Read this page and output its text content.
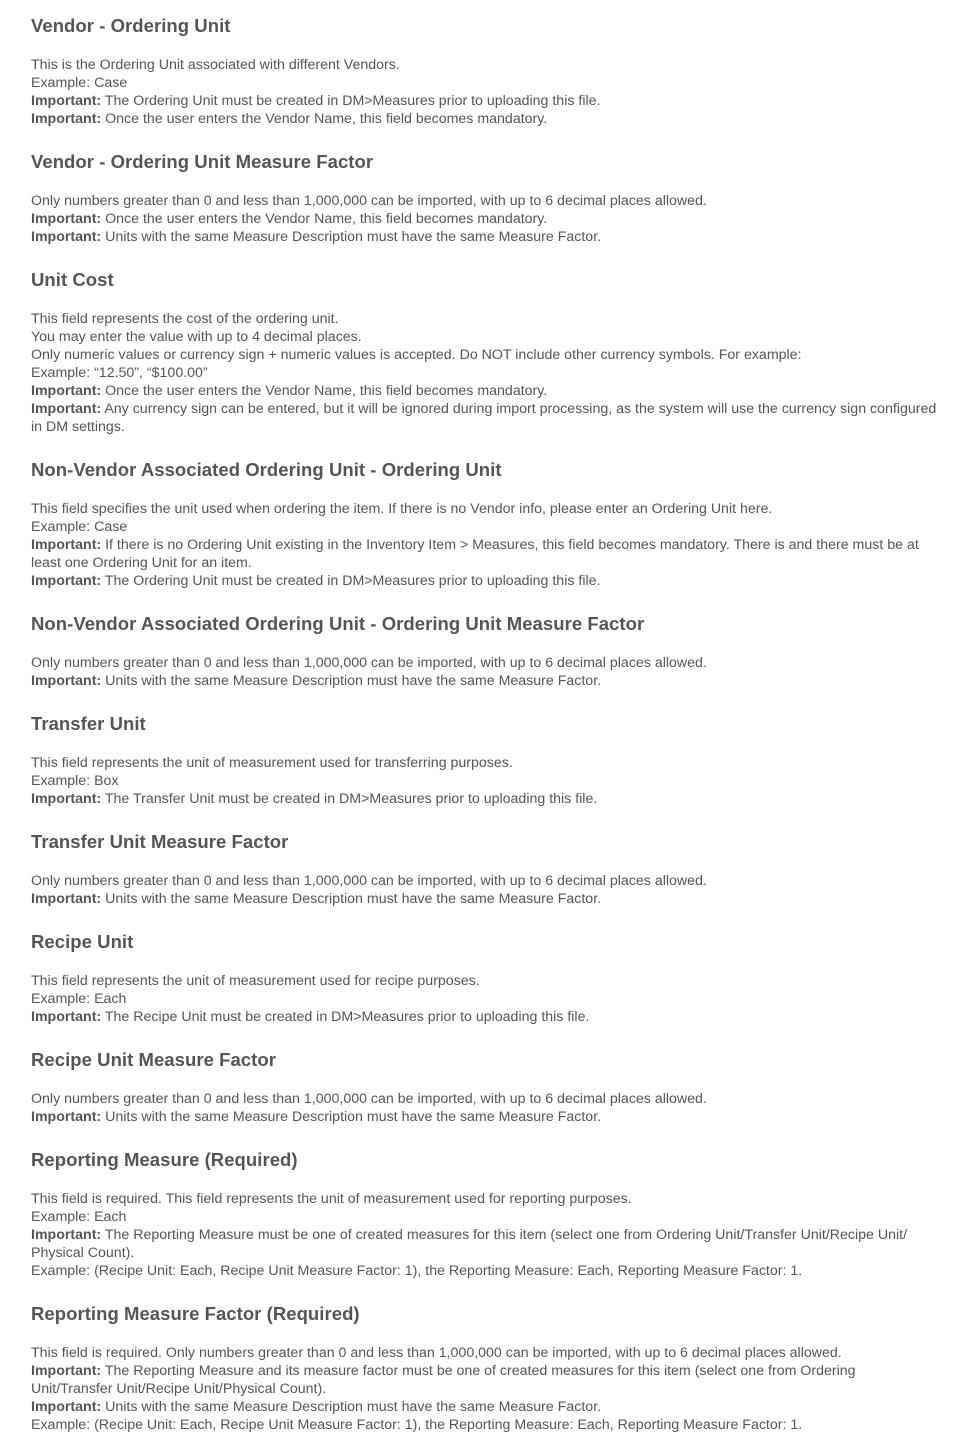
Vendor - Ordering Unit

This is the Ordering Unit associated with different Vendors.

Example: Case

Important: The Ordering Unit must be created in DM>Measures prior to uploading this file.

Important: Once the user enters the Vendor Name, this field becomes mandatory.

Vendor - Ordering Unit Measure Factor

Only numbers greater than 0 and less than 1,000,000 can be imported, with up to 6 decimal places allowed.

Important: Once the user enters the Vendor Name, this field becomes mandatory.

Important: Units with the same Measure Description must have the same Measure Factor.

Unit Cost

This field represents the cost of the ordering unit.

You may enter the value with up to 4 decimal places.

Only numeric values or currency sign + numeric values is accepted. Do NOT include other currency symbols. For example:

Example: “12.50”, “$100.00”

Important: Once the user enters the Vendor Name, this field becomes mandatory.

Important: Any currency sign can be entered, but it will be ignored during import processing, as the system will use the currency sign configured in DM settings.

Non-Vendor Associated Ordering Unit - Ordering Unit

This field specifies the unit used when ordering the item. If there is no Vendor info, please enter an Ordering Unit here.

Example: Case

Important: If there is no Ordering Unit existing in the Inventory Item > Measures, this field becomes mandatory. There is and there must be at least one Ordering Unit for an item.

Important: The Ordering Unit must be created in DM>Measures prior to uploading this file.

Non-Vendor Associated Ordering Unit - Ordering Unit Measure Factor

Only numbers greater than 0 and less than 1,000,000 can be imported, with up to 6 decimal places allowed.

Important: Units with the same Measure Description must have the same Measure Factor.

Transfer Unit

This field represents the unit of measurement used for transferring purposes.

Example: Box

Important: The Transfer Unit must be created in DM>Measures prior to uploading this file.

Transfer Unit Measure Factor

Only numbers greater than 0 and less than 1,000,000 can be imported, with up to 6 decimal places allowed.

Important: Units with the same Measure Description must have the same Measure Factor.

Recipe Unit

This field represents the unit of measurement used for recipe purposes.

Example: Each

Important: The Recipe Unit must be created in DM>Measures prior to uploading this file.

Recipe Unit Measure Factor

Only numbers greater than 0 and less than 1,000,000 can be imported, with up to 6 decimal places allowed.

Important: Units with the same Measure Description must have the same Measure Factor.

Reporting Measure (Required)

This field is required. This field represents the unit of measurement used for reporting purposes.

Example: Each

Important: The Reporting Measure must be one of created measures for this item (select one from Ordering Unit/Transfer Unit/Recipe Unit/ Physical Count).

Example: (Recipe Unit: Each, Recipe Unit Measure Factor: 1), the Reporting Measure: Each, Reporting Measure Factor: 1.

Reporting Measure Factor (Required)

This field is required. Only numbers greater than 0 and less than 1,000,000 can be imported, with up to 6 decimal places allowed.

Important: The Reporting Measure and its measure factor must be one of created measures for this item (select one from Ordering Unit/Transfer Unit/Recipe Unit/Physical Count).

Important: Units with the same Measure Description must have the same Measure Factor.

Example: (Recipe Unit: Each, Recipe Unit Measure Factor: 1), the Reporting Measure: Each, Reporting Measure Factor: 1.
